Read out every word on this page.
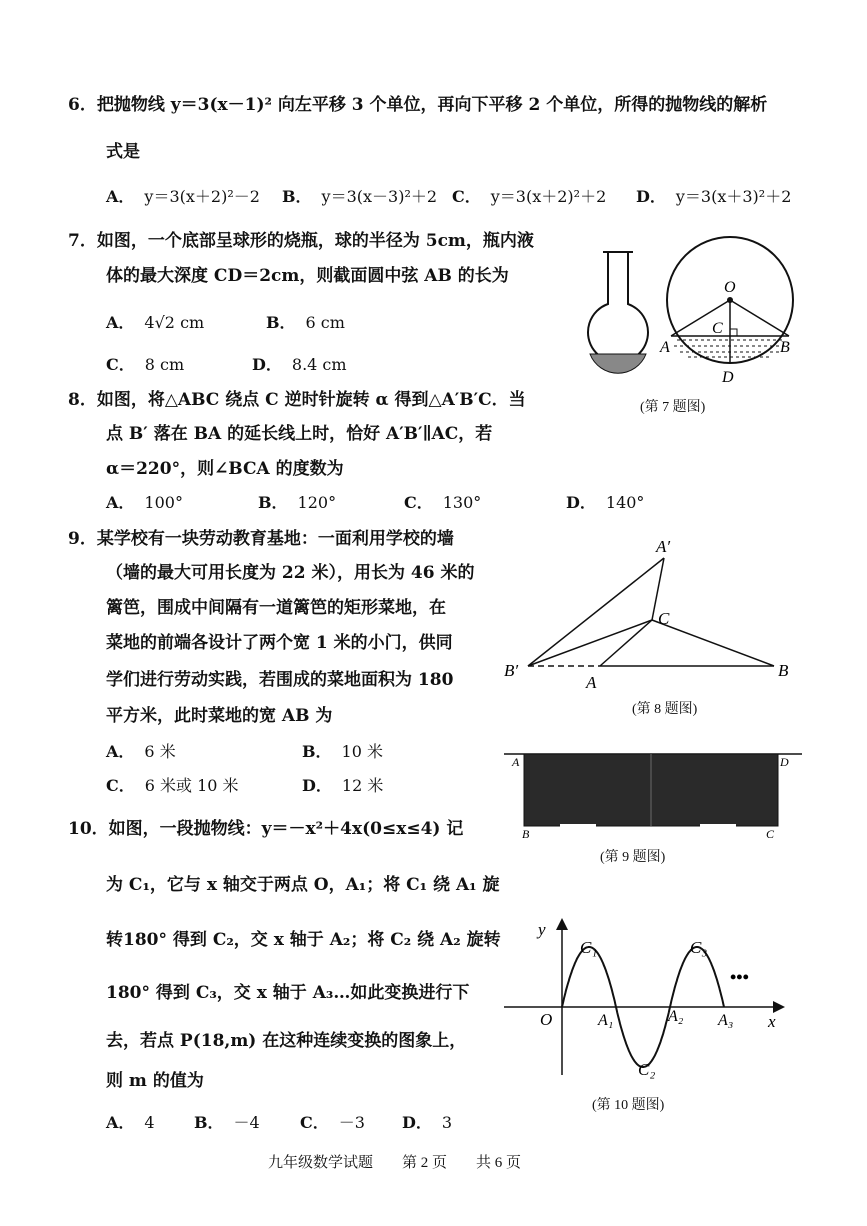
6．把抛物线 y＝3(x－1)² 向左平移 3 个单位，再向下平移 2 个单位，所得的抛物线的解析
式是
A． y＝3(x＋2)²－2 B． y＝3(x－3)²＋2 C． y＝3(x＋2)²＋2 D． y＝3(x＋3)²＋2
7．如图，一个底部呈球形的烧瓶，球的半径为 5cm，瓶内液
体的最大深度 CD＝2cm，则截面圆中弦 AB 的长为
A． 4√2 cm	B． 6 cm
C． 8 cm	D． 8.4 cm
O
C
A	B
D
(第 7 题图)
8．如图，将△ABC 绕点 C 逆时针旋转 α 得到△A′B′C．当
点 B′ 落在 BA 的延长线上时，恰好 A′B′∥AC，若
α＝220°，则∠BCA 的度数为
A． 100°	B． 120°	C． 130°	D． 140°
A′
C
B′
A
B
(第 8 题图)
9．某学校有一块劳动教育基地：一面利用学校的墙
（墙的最大可用长度为 22 米），用长为 46 米的
篱笆，围成中间隔有一道篱笆的矩形菜地，在
菜地的前端各设计了两个宽 1 米的小门，供同
学们进行劳动实践，若围成的菜地面积为 180
平方米，此时菜地的宽 AB 为
A． 6 米	B． 10 米
C． 6 米或 10 米	D． 12 米
A	D
B	C
(第 9 题图)
10．如图，一段抛物线：y＝－x²＋4x(0≤x≤4) 记
为 C₁，它与 x 轴交于两点 O，A₁；将 C₁ 绕 A₁ 旋
转180° 得到 C₂，交 x 轴于 A₂；将 C₂ 绕 A₂ 旋转
180° 得到 C₃，交 x 轴于 A₃…如此变换进行下
去，若点 P(18,m) 在这种连续变换的图象上，
则 m 的值为
A． 4 B． －4	C． －3 D． 3
y
x
O
C₁
C₂
C₃
A₁	A₂ A₃
•••
(第 10 题图)
九年级数学试题 第 2 页 共 6 页
